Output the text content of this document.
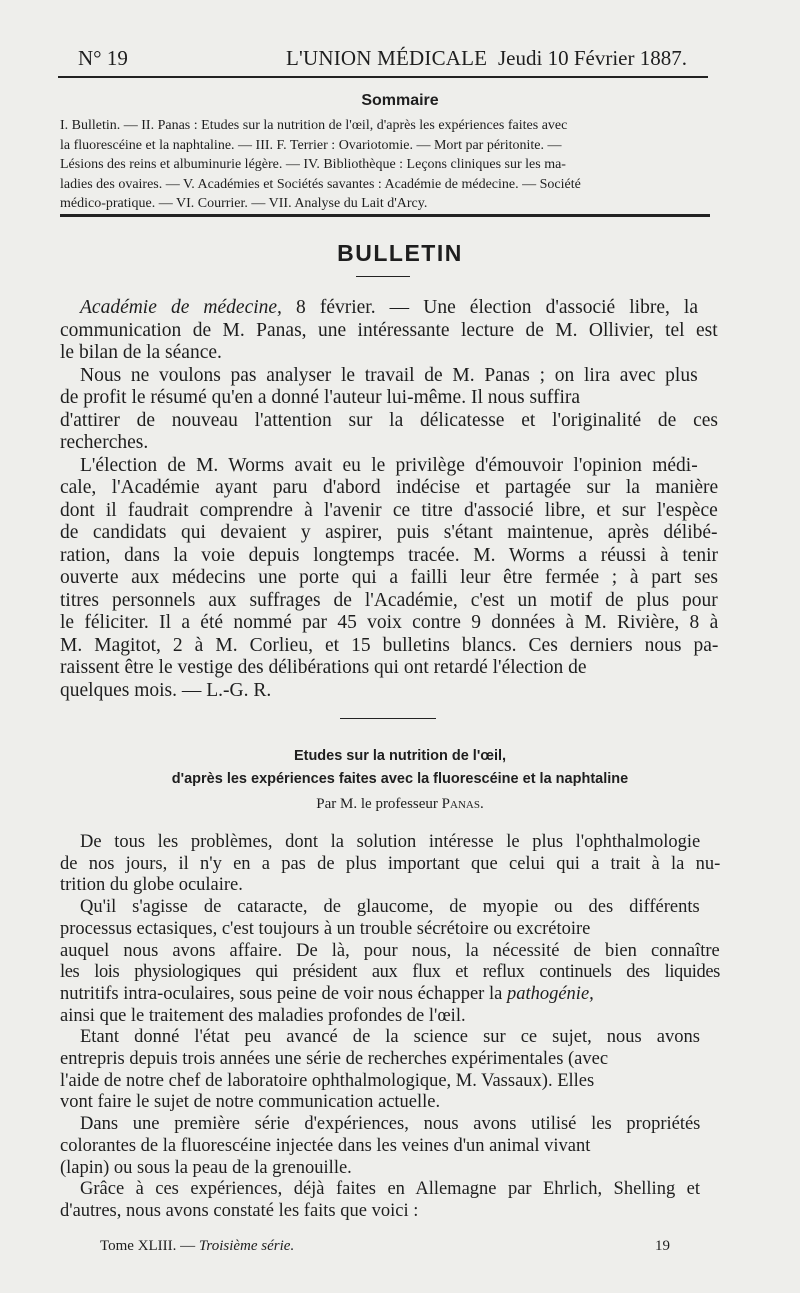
N° 19	L'UNION MÉDICALE Jeudi 10 Février 1887.
Sommaire
I. Bulletin. — II. Panas : Etudes sur la nutrition de l'œil, d'après les expériences faites avec
la fluorescéine et la naphtaline. — III. F. Terrier : Ovariotomie. — Mort par péritonite. —
Lésions des reins et albuminurie légère. — IV. Bibliothèque : Leçons cliniques sur les ma-
ladies des ovaires. — V. Académies et Sociétés savantes : Académie de médecine. — Société
médico-pratique. — VI. Courrier. — VII. Analyse du Lait d'Arcy.
BULLETIN

Académie de médecine, 8 février. — Une élection d'associé libre, la
communication de M. Panas, une intéressante lecture de M. Ollivier, tel est
le bilan de la séance.

Nous ne voulons pas analyser le travail de M. Panas ; on lira avec plus
de profit le résumé qu'en a donné l'auteur lui-même. Il nous suffira
d'attirer de nouveau l'attention sur la délicatesse et l'originalité de ces
recherches.

L'élection de M. Worms avait eu le privilège d'émouvoir l'opinion médi-
cale, l'Académie ayant paru d'abord indécise et partagée sur la manière
dont il faudrait comprendre à l'avenir ce titre d'associé libre, et sur l'espèce
de candidats qui devaient y aspirer, puis s'étant maintenue, après délibé-
ration, dans la voie depuis longtemps tracée. M. Worms a réussi à tenir
ouverte aux médecins une porte qui a failli leur être fermée ; à part ses
titres personnels aux suffrages de l'Académie, c'est un motif de plus pour
le féliciter. Il a été nommé par 45 voix contre 9 données à M. Rivière, 8 à
M. Magitot, 2 à M. Corlieu, et 15 bulletins blancs. Ces derniers nous pa-
raissent être le vestige des délibérations qui ont retardé l'élection de
quelques mois. — L.-G. R.

Etudes sur la nutrition de l'œil,
d'après les expériences faites avec la fluorescéine et la naphtaline
Par M. le professeur Panas.

De tous les problèmes, dont la solution intéresse le plus l'ophthalmologie
de nos jours, il n'y en a pas de plus important que celui qui a trait à la nu-
trition du globe oculaire.

Qu'il s'agisse de cataracte, de glaucome, de myopie ou des différents
processus ectasiques, c'est toujours à un trouble sécrétoire ou excrétoire
auquel nous avons affaire. De là, pour nous, la nécessité de bien connaître
les lois physiologiques qui président aux flux et reflux continuels des liquides
nutritifs intra-oculaires, sous peine de voir nous échapper la pathogénie,
ainsi que le traitement des maladies profondes de l'œil.

Etant donné l'état peu avancé de la science sur ce sujet, nous avons
entrepris depuis trois années une série de recherches expérimentales (avec
l'aide de notre chef de laboratoire ophthalmologique, M. Vassaux). Elles
vont faire le sujet de notre communication actuelle.

Dans une première série d'expériences, nous avons utilisé les propriétés
colorantes de la fluorescéine injectée dans les veines d'un animal vivant
(lapin) ou sous la peau de la grenouille.

Grâce à ces expériences, déjà faites en Allemagne par Ehrlich, Shelling et
d'autres, nous avons constaté les faits que voici :

Tome XLIII. — Troisième série.	19
